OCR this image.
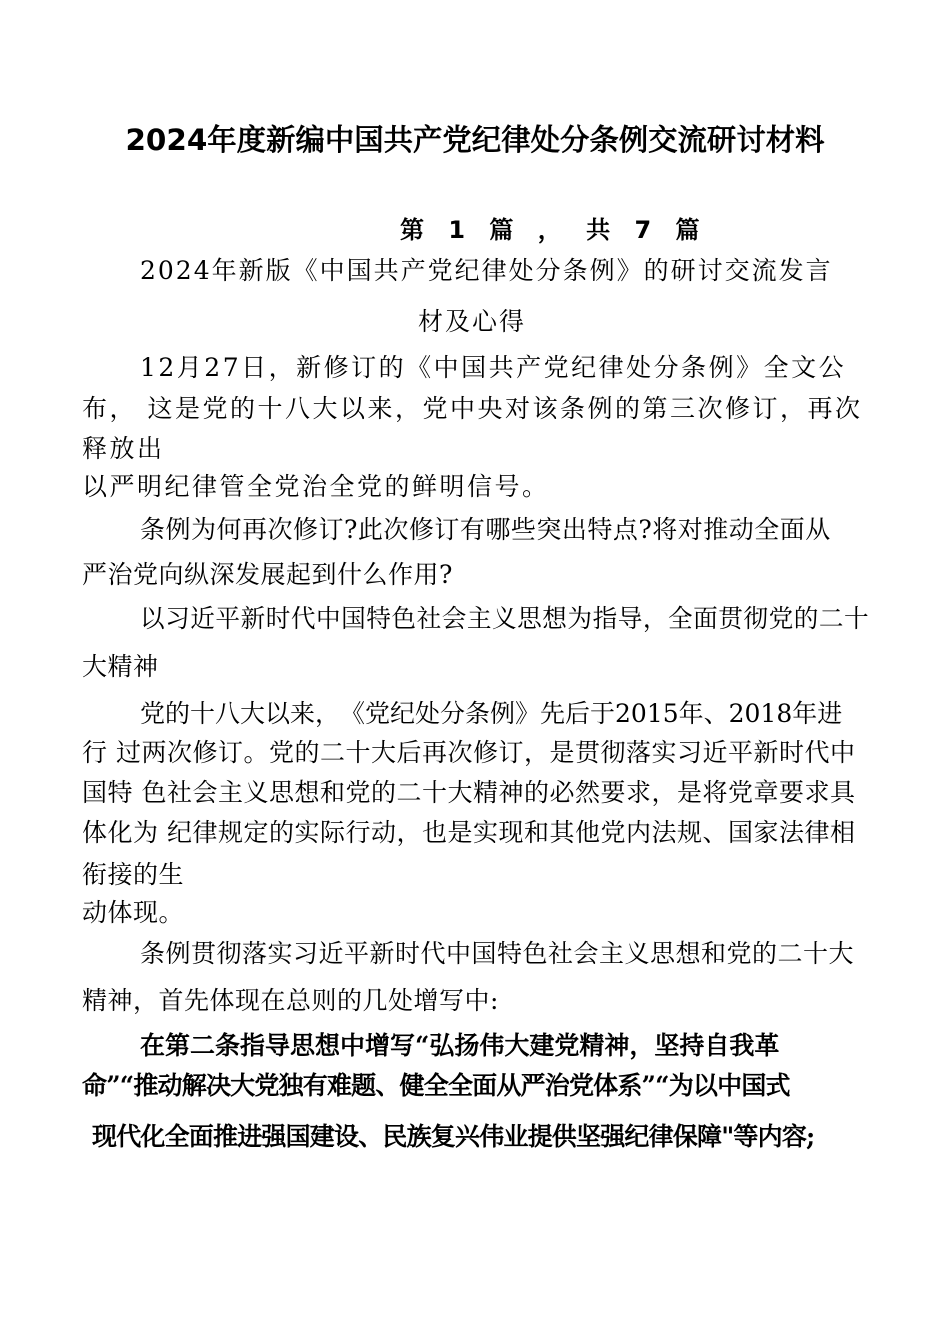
2024年度新编中国共产党纪律处分条例交流研讨材料
第 1 篇 ， 共 7 篇
2024年新版《中国共产党纪律处分条例》的研讨交流发言
材及心得
12月27日，新修订的《中国共产党纪律处分条例》全文公
布， 这是党的十八大以来，党中央对该条例的第三次修订，再次
释放出
以严明纪律管全党治全党的鲜明信号。
条例为何再次修订?此次修订有哪些突出特点?将对推动全面从
严治党向纵深发展起到什么作用?
以习近平新时代中国特色社会主义思想为指导，全面贯彻党的二十
大精神
党的十八大以来，　《党纪处分条例》先后于2015年、2018年进
行 过两次修订。党的二十大后再次修订，是贯彻落实习近平新时代中
国特 色社会主义思想和党的二十大精神的必然要求，是将党章要求具
体化为 纪律规定的实际行动，也是实现和其他党内法规、国家法律相
衔接的生
动体现。
条例贯彻落实习近平新时代中国特色社会主义思想和党的二十大
精神，首先体现在总则的几处增写中:
在第二条指导思想中增写“弘扬伟大建党精神，坚持自我革
命”“推动解决大党独有难题、健全全面从严治党体系”“为以中国式
现代化全面推进强国建设、民族复兴伟业提供坚强纪律保障"等内容;
